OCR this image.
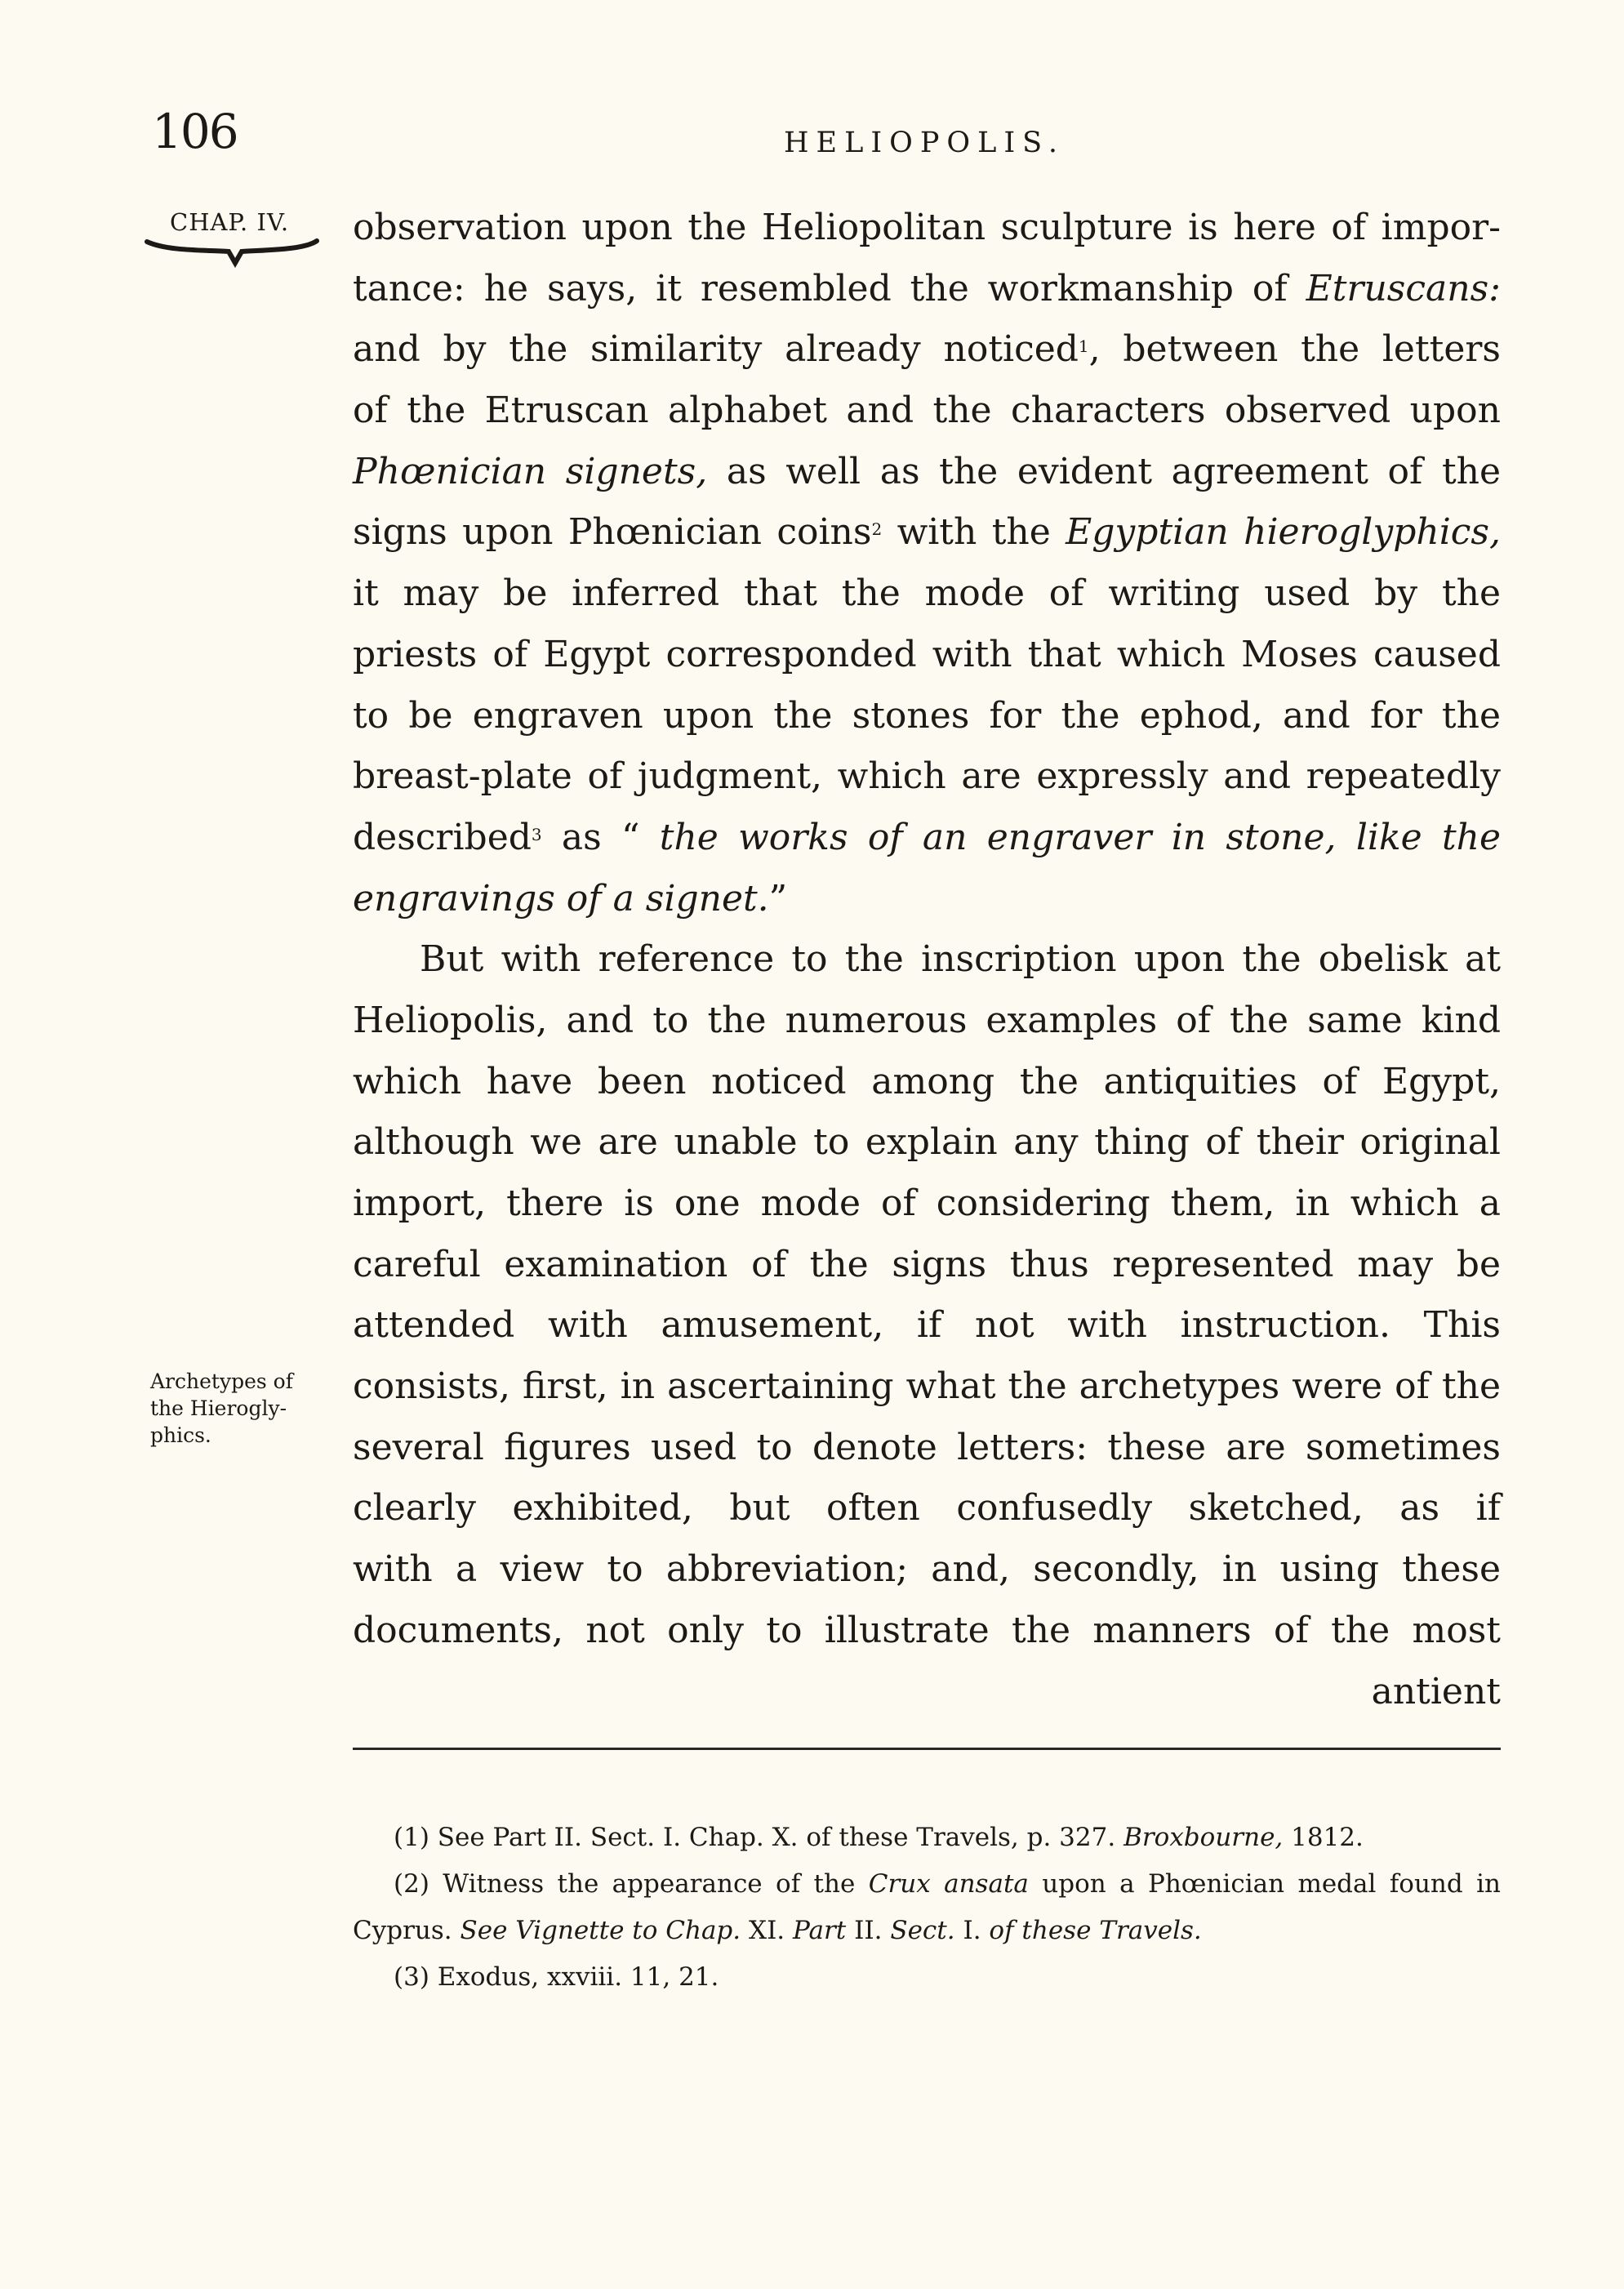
106	HELIOPOLIS.
CHAP. IV.
Archetypes of
the Hierogly-
phics.
observation upon the Heliopolitan sculpture is here of impor-
tance: he says, it resembled the workmanship of Etruscans:
and by the similarity already noticed$^1$, between the letters
of the Etruscan alphabet and the characters observed upon
Phœnician signets, as well as the evident agreement of the
signs upon Phœnician coins$^2$ with the Egyptian hieroglyphics,
it may be inferred that the mode of writing used by the
priests of Egypt corresponded with that which Moses caused
to be engraven upon the stones for the ephod, and for the
breast-plate of judgment, which are expressly and repeatedly
described$^3$ as “ the works of an engraver in stone, like the
engravings of a signet.”
But with reference to the inscription upon the obelisk at
Heliopolis, and to the numerous examples of the same kind
which have been noticed among the antiquities of Egypt,
although we are unable to explain any thing of their original
import, there is one mode of considering them, in which a
careful examination of the signs thus represented may be
attended with amusement, if not with instruction. This
consists, first, in ascertaining what the archetypes were of the
several figures used to denote letters: these are sometimes
clearly exhibited, but often confusedly sketched, as if
with a view to abbreviation; and, secondly, in using these
documents, not only to illustrate the manners of the most
antient
(1) See Part II. Sect. I. Chap. X. of these Travels, p. 327. Broxbourne, 1812.
(2) Witness the appearance of the Crux ansata upon a Phœnician medal found in
Cyprus. See Vignette to Chap. XI. Part II. Sect. I. of these Travels.
(3) Exodus, xxviii. 11, 21.
